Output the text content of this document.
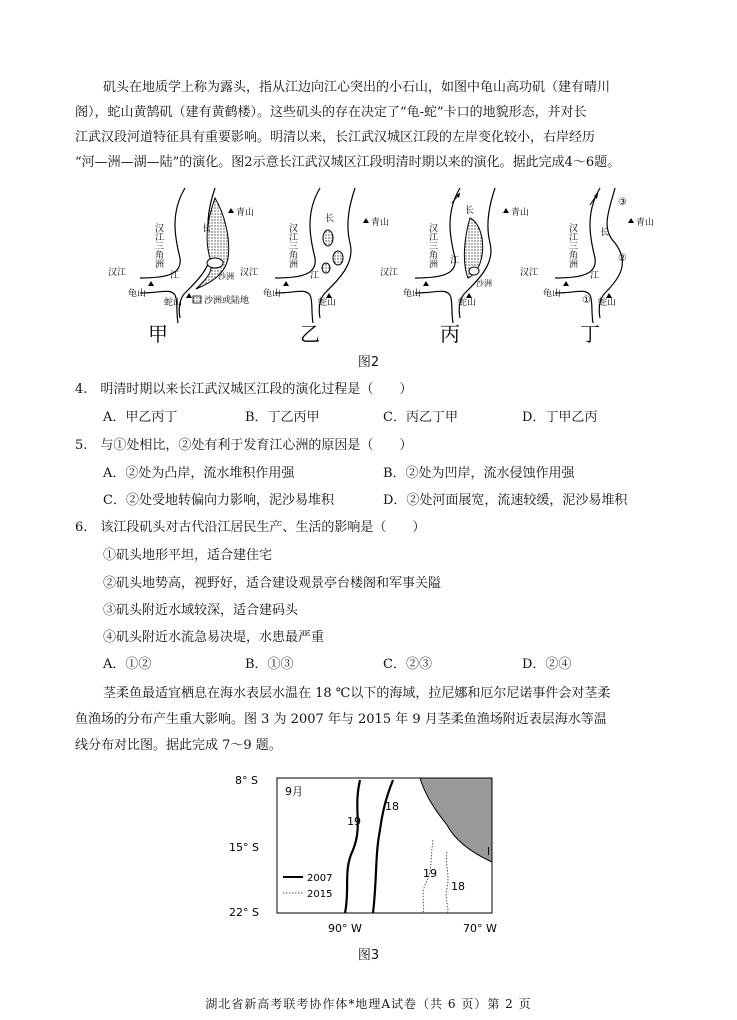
矶头在地质学上称为露头，指从江边向江心突出的小石山，如图中龟山高功矶（建有晴川
阁），蛇山黄鹄矶（建有黄鹤楼）。这些矶头的存在决定了“龟-蛇”卡口的地貌形态，并对长
江武汉段河道特征具有重要影响。明清以来，长江武汉城区江段的左岸变化较小，右岸经历
“河—洲—湖—陆”的演化。图2示意长江武汉城区江段明清时期以来的演化。据此完成4～6题。
沙洲
青山
长
江
汉江
汉江三角洲
龟山
蛇山 沙洲或陆地
甲
青山
长
江
汉江
汉江三角洲
龟山
蛇山
乙
青山
长
江
沙洲
汉江
汉江三角洲
龟山
蛇山
丙
③
青山
长
②
江
汉江
汉江三角洲
龟山
① 蛇山
丁
图2
4.　明清时期以来长江武汉城区江段的演化过程是（　　）
A．甲乙丙丁	B．丁乙丙甲	C．丙乙丁甲	D．丁甲乙丙
5.　与①处相比，②处有利于发育江心洲的原因是（　　）
A．②处为凸岸，流水堆积作用强	B．②处为凹岸，流水侵蚀作用强
C．②处受地转偏向力影响，泥沙易堆积	D．②处河面展宽，流速较缓，泥沙易堆积
6.　该江段矶头对古代沿江居民生产、生活的影响是（　　）
①矶头地形平坦，适合建住宅
②矶头地势高，视野好，适合建设观景亭台楼阁和军事关隘
③矶头附近水域较深，适合建码头
④矶头附近水流急易决堤，水患最严重
A．①②	B．①③	C．②③	D．②④
茎柔鱼最适宜栖息在海水表层水温在 18 ℃以下的海域，拉尼娜和厄尔尼诺事件会对茎柔
鱼渔场的分布产生重大影响。图 3 为 2007 年与 2015 年 9 月茎柔鱼渔场附近表层海水等温
线分布对比图。据此完成 7～9 题。
9月
19
18
19
18
l
2007
2015
8° S
15° S
22° S
90° W	70° W
图3
湖北省新高考联考协作体*地理A试卷（共 6 页）第 2 页
